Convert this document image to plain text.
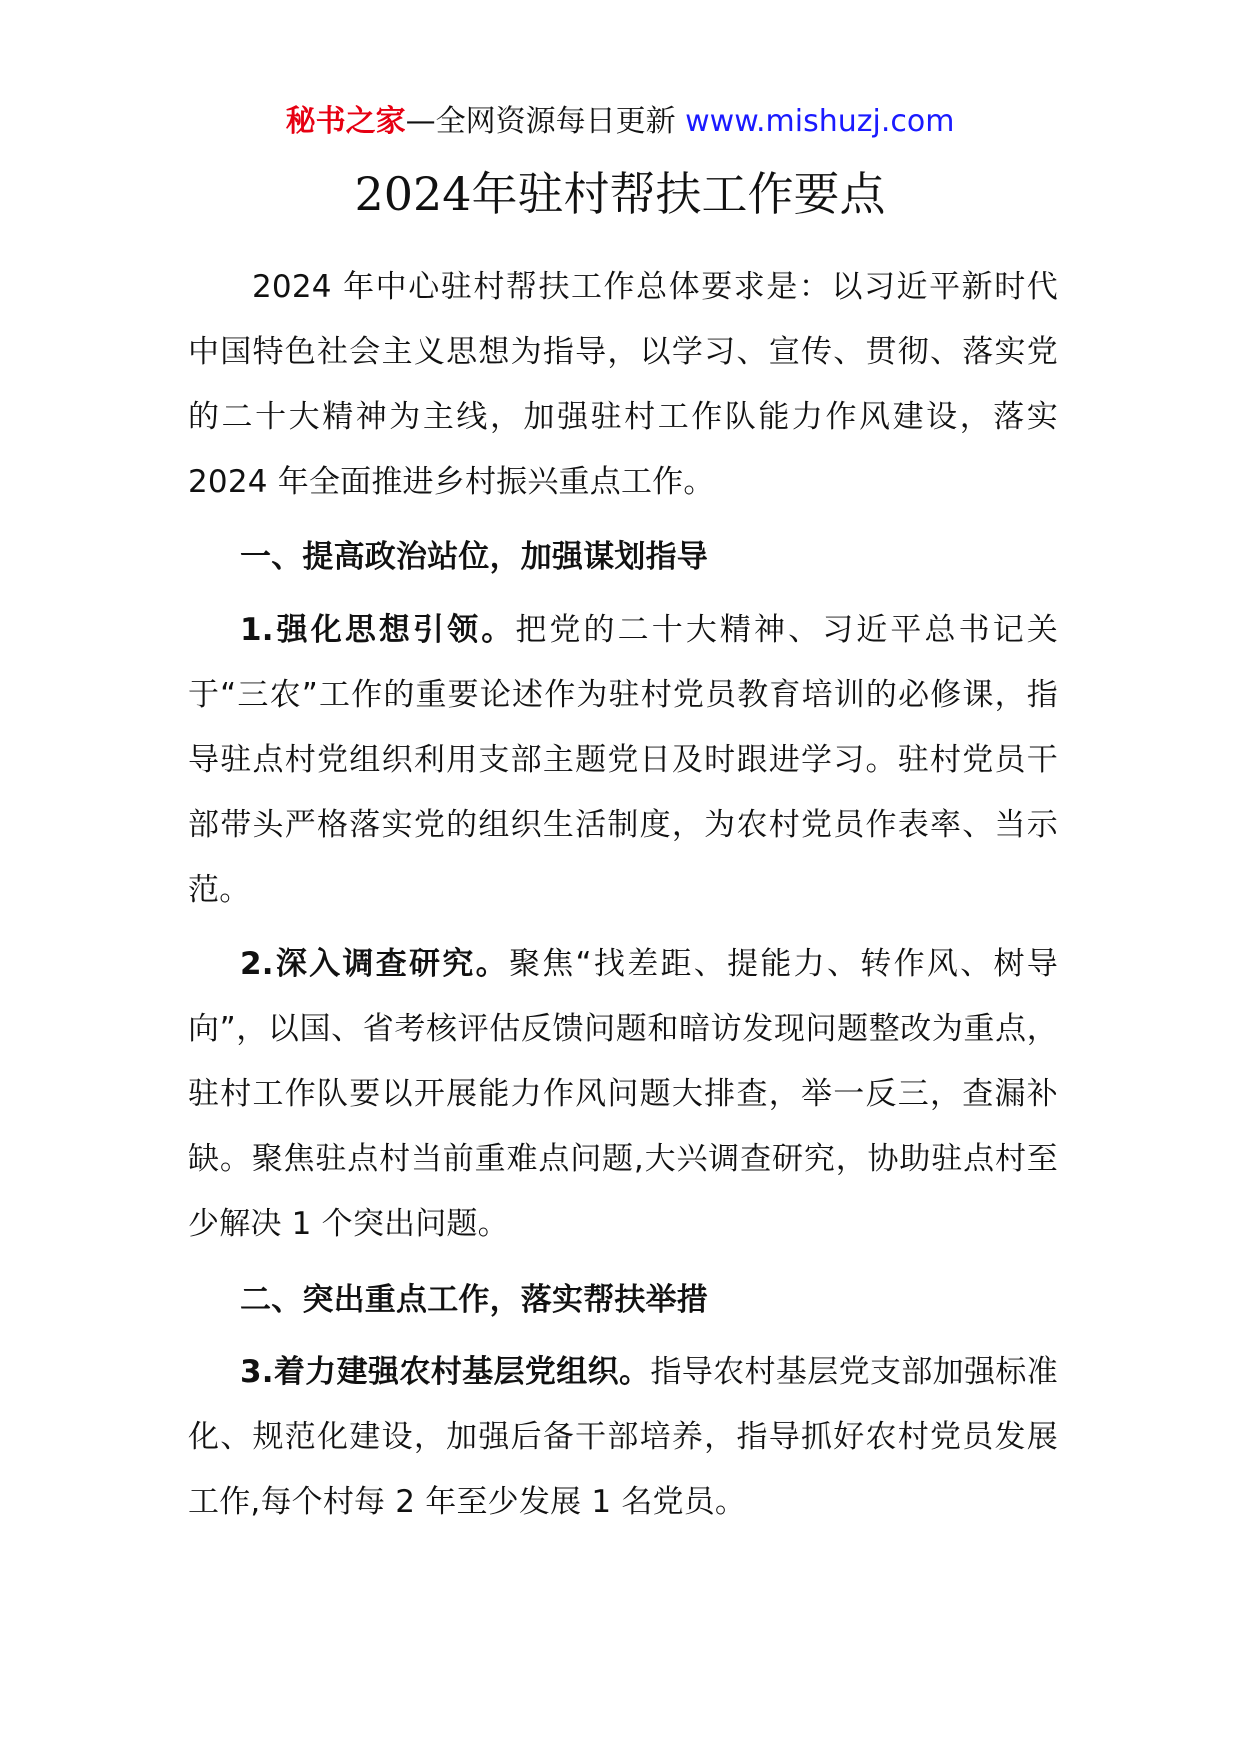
秘书之家—全网资源每日更新 www.mishuzj.com
2024年驻村帮扶工作要点
2024 年中心驻村帮扶工作总体要求是：以习近平新时代中国特色社会主义思想为指导，以学习、宣传、贯彻、落实党的二十大精神为主线，加强驻村工作队能力作风建设，落实 2024 年全面推进乡村振兴重点工作。
一、提高政治站位，加强谋划指导
1.强化思想引领。把党的二十大精神、习近平总书记关于“三农”工作的重要论述作为驻村党员教育培训的必修课，指导驻点村党组织利用支部主题党日及时跟进学习。驻村党员干部带头严格落实党的组织生活制度，为农村党员作表率、当示范。
2.深入调查研究。聚焦“找差距、提能力、转作风、树导向”，以国、省考核评估反馈问题和暗访发现问题整改为重点，驻村工作队要以开展能力作风问题大排查，举一反三，查漏补缺。聚焦驻点村当前重难点问题,大兴调查研究，协助驻点村至少解决 1 个突出问题。
二、突出重点工作，落实帮扶举措
3.着力建强农村基层党组织。指导农村基层党支部加强标准化、规范化建设，加强后备干部培养，指导抓好农村党员发展工作,每个村每 2 年至少发展 1 名党员。
